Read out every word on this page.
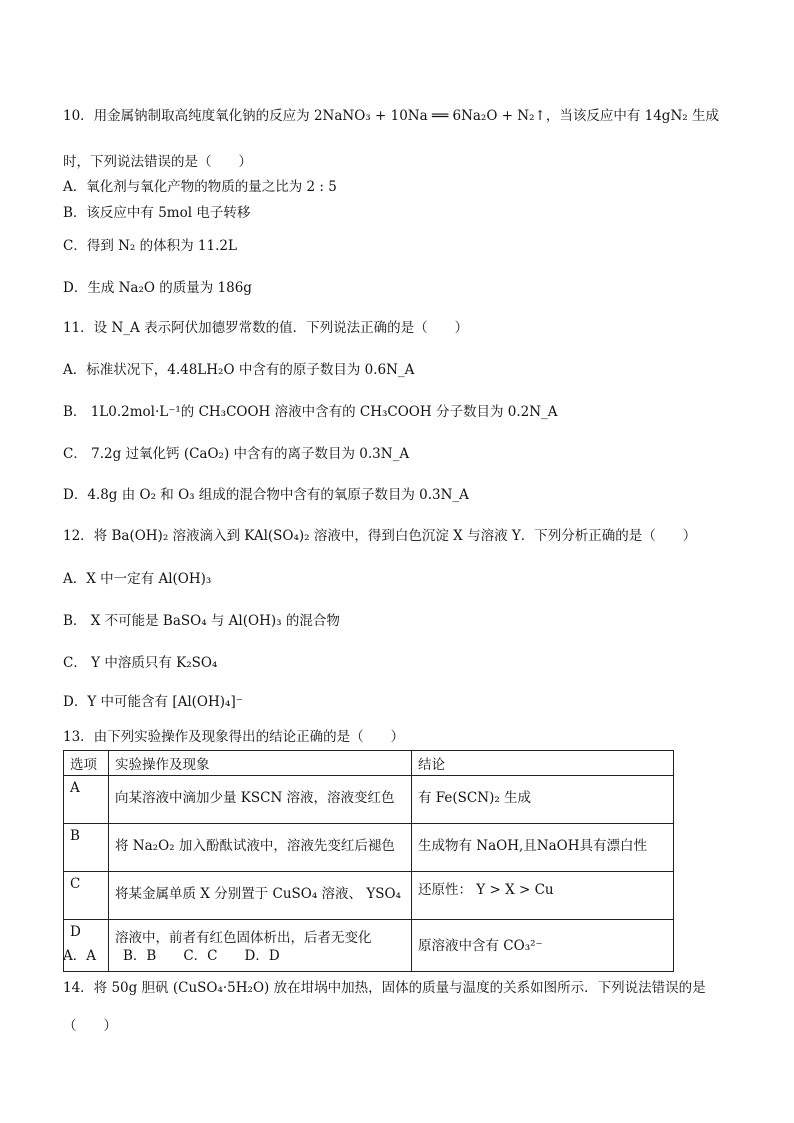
10．用金属钠制取高纯度氧化钠的反应为 2NaNO₃ + 10Na ══ 6Na₂O + N₂↑，当该反应中有 14gN₂ 生成
时，下列说法错误的是（　　）
A．氧化剂与氧化产物的物质的量之比为 2 : 5
B．该反应中有 5mol 电子转移
C．得到 N₂ 的体积为 11.2L
D．生成 Na₂O 的质量为 186g
11．设 N_A 表示阿伏加德罗常数的值．下列说法正确的是（　　）
A．标准状况下，4.48LH₂O 中含有的原子数目为 0.6N_A
B． 1L0.2mol·L⁻¹的 CH₃COOH 溶液中含有的 CH₃COOH 分子数目为 0.2N_A
C． 7.2g 过氧化钙 (CaO₂) 中含有的离子数目为 0.3N_A
D．4.8g 由 O₂ 和 O₃ 组成的混合物中含有的氧原子数目为 0.3N_A
12．将 Ba(OH)₂ 溶液滴入到 KAl(SO₄)₂ 溶液中，得到白色沉淀 X 与溶液 Y．下列分析正确的是（　　）
A．X 中一定有 Al(OH)₃
B． X 不可能是 BaSO₄ 与 Al(OH)₃ 的混合物
C． Y 中溶质只有 K₂SO₄
D．Y 中可能含有 [Al(OH)₄]⁻
13．由下列实验操作及现象得出的结论正确的是（　　）
选项	实验操作及现象	结论
A	向某溶液中滴加少量 KSCN 溶液，溶液变红色	有 Fe(SCN)₂ 生成
B	将 Na₂O₂ 加入酚酞试液中，溶液先变红后褪色	生成物有 NaOH,且NaOH具有漂白性
C	将某金属单质 X 分别置于 CuSO₄ 溶液、 YSO₄	还原性： Y > X > Cu
D	溶液中，前者有红色固体析出，后者无变化	原溶液中含有 CO₃²⁻
A．A　　B．B　　C．C　　D．D
14．将 50g 胆矾 (CuSO₄·5H₂O) 放在坩埚中加热，固体的质量与温度的关系如图所示．下列说法错误的是
（　　）
